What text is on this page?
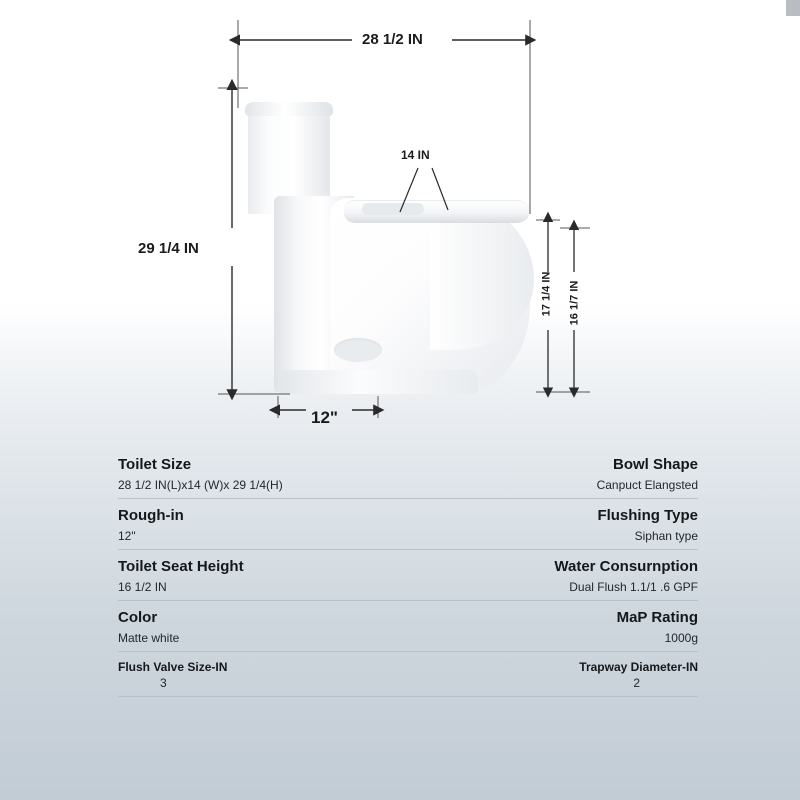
28 1/2 IN
29 1/4 IN
14 IN
12"
17 1/4 IN 16 1/7 IN
Toilet Size
28 1/2 IN(L)x14 (W)x 29 1/4(H)
Bowl Shape
Canpuct Elangsted
Rough-in
12"
Flushing Type
Siphan type
Toilet Seat Height
16 1/2 IN
Water Consurnption
Dual Flush 1.1/1 .6 GPF
Color
Matte white
MaP Rating
1000g
Flush Valve Size-IN
3
Trapway Diameter-IN
2
